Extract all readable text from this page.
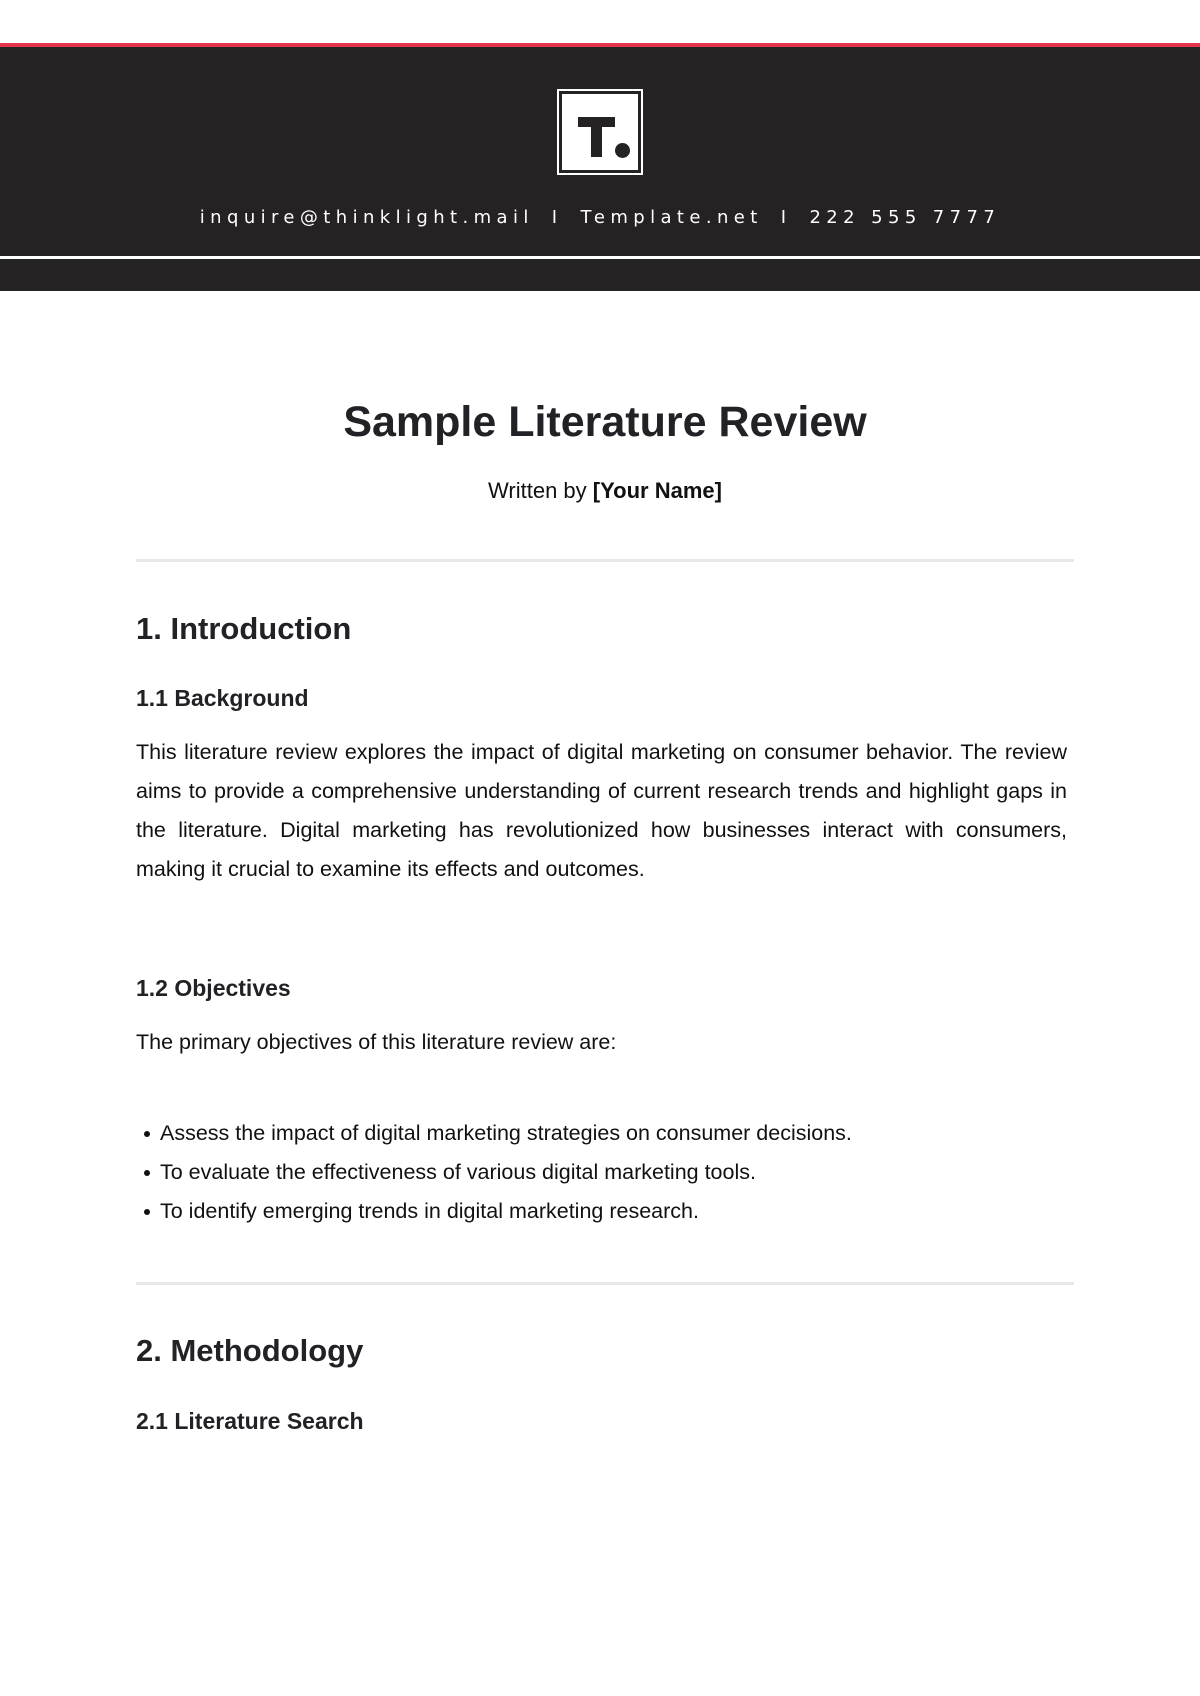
inquire@thinklight.mail I Template.net I 222 555 7777
Sample Literature Review
Written by [Your Name]
1. Introduction
1.1 Background

This literature review explores the impact of digital marketing on consumer behavior. The review aims to provide a comprehensive understanding of current research trends and highlight gaps in the literature. Digital marketing has revolutionized how businesses interact with consumers, making it crucial to examine its effects and outcomes.

1.2 Objectives

The primary objectives of this literature review are:

Assess the impact of digital marketing strategies on consumer decisions.
To evaluate the effectiveness of various digital marketing tools.
To identify emerging trends in digital marketing research.
2. Methodology
2.1 Literature Search
